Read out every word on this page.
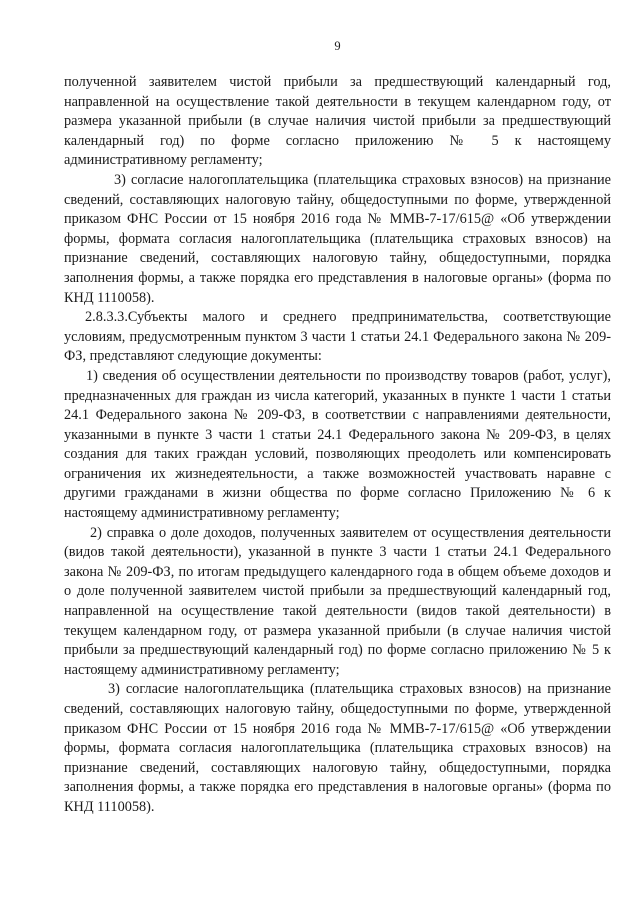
9

полученной заявителем чистой прибыли за предшествующий календарный год, направленной на осуществление такой деятельности в текущем календарном году, от размера указанной прибыли (в случае наличия чистой прибыли за предшествующий календарный год) по форме согласно приложению № 5 к настоящему административному регламенту;

3) согласие налогоплательщика (плательщика страховых взносов) на признание сведений, составляющих налоговую тайну, общедоступными по форме, утвержденной приказом ФНС России от 15 ноября 2016 года № ММВ-7-17/615@ «Об утверждении формы, формата согласия налогоплательщика (плательщика страховых взносов) на признание сведений, составляющих налоговую тайну, общедоступными, порядка заполнения формы, а также порядка его представления в налоговые органы» (форма по КНД 1110058).

2.8.3.3.Субъекты малого и среднего предпринимательства, соответствующие условиям, предусмотренным пунктом 3 части 1 статьи 24.1 Федерального закона № 209-ФЗ, представляют следующие документы:

1) сведения об осуществлении деятельности по производству товаров (работ, услуг), предназначенных для граждан из числа категорий, указанных в пункте 1 части 1 статьи 24.1 Федерального закона № 209-ФЗ, в соответствии с направлениями деятельности, указанными в пункте 3 части 1 статьи 24.1 Федерального закона № 209-ФЗ, в целях создания для таких граждан условий, позволяющих преодолеть или компенсировать ограничения их жизнедеятельности, а также возможностей участвовать наравне с другими гражданами в жизни общества по форме согласно Приложению № 6 к настоящему административному регламенту;

2) справка о доле доходов, полученных заявителем от осуществления деятельности (видов такой деятельности), указанной в пункте 3 части 1 статьи 24.1 Федерального закона № 209-ФЗ, по итогам предыдущего календарного года в общем объеме доходов и о доле полученной заявителем чистой прибыли за предшествующий календарный год, направленной на осуществление такой деятельности (видов такой деятельности) в текущем календарном году, от размера указанной прибыли (в случае наличия чистой прибыли за предшествующий календарный год) по форме согласно приложению № 5 к настоящему административному регламенту;

3) согласие налогоплательщика (плательщика страховых взносов) на признание сведений, составляющих налоговую тайну, общедоступными по форме, утвержденной приказом ФНС России от 15 ноября 2016 года № ММВ-7-17/615@ «Об утверждении формы, формата согласия налогоплательщика (плательщика страховых взносов) на признание сведений, составляющих налоговую тайну, общедоступными, порядка заполнения формы, а также порядка его представления в налоговые органы» (форма по КНД 1110058).
